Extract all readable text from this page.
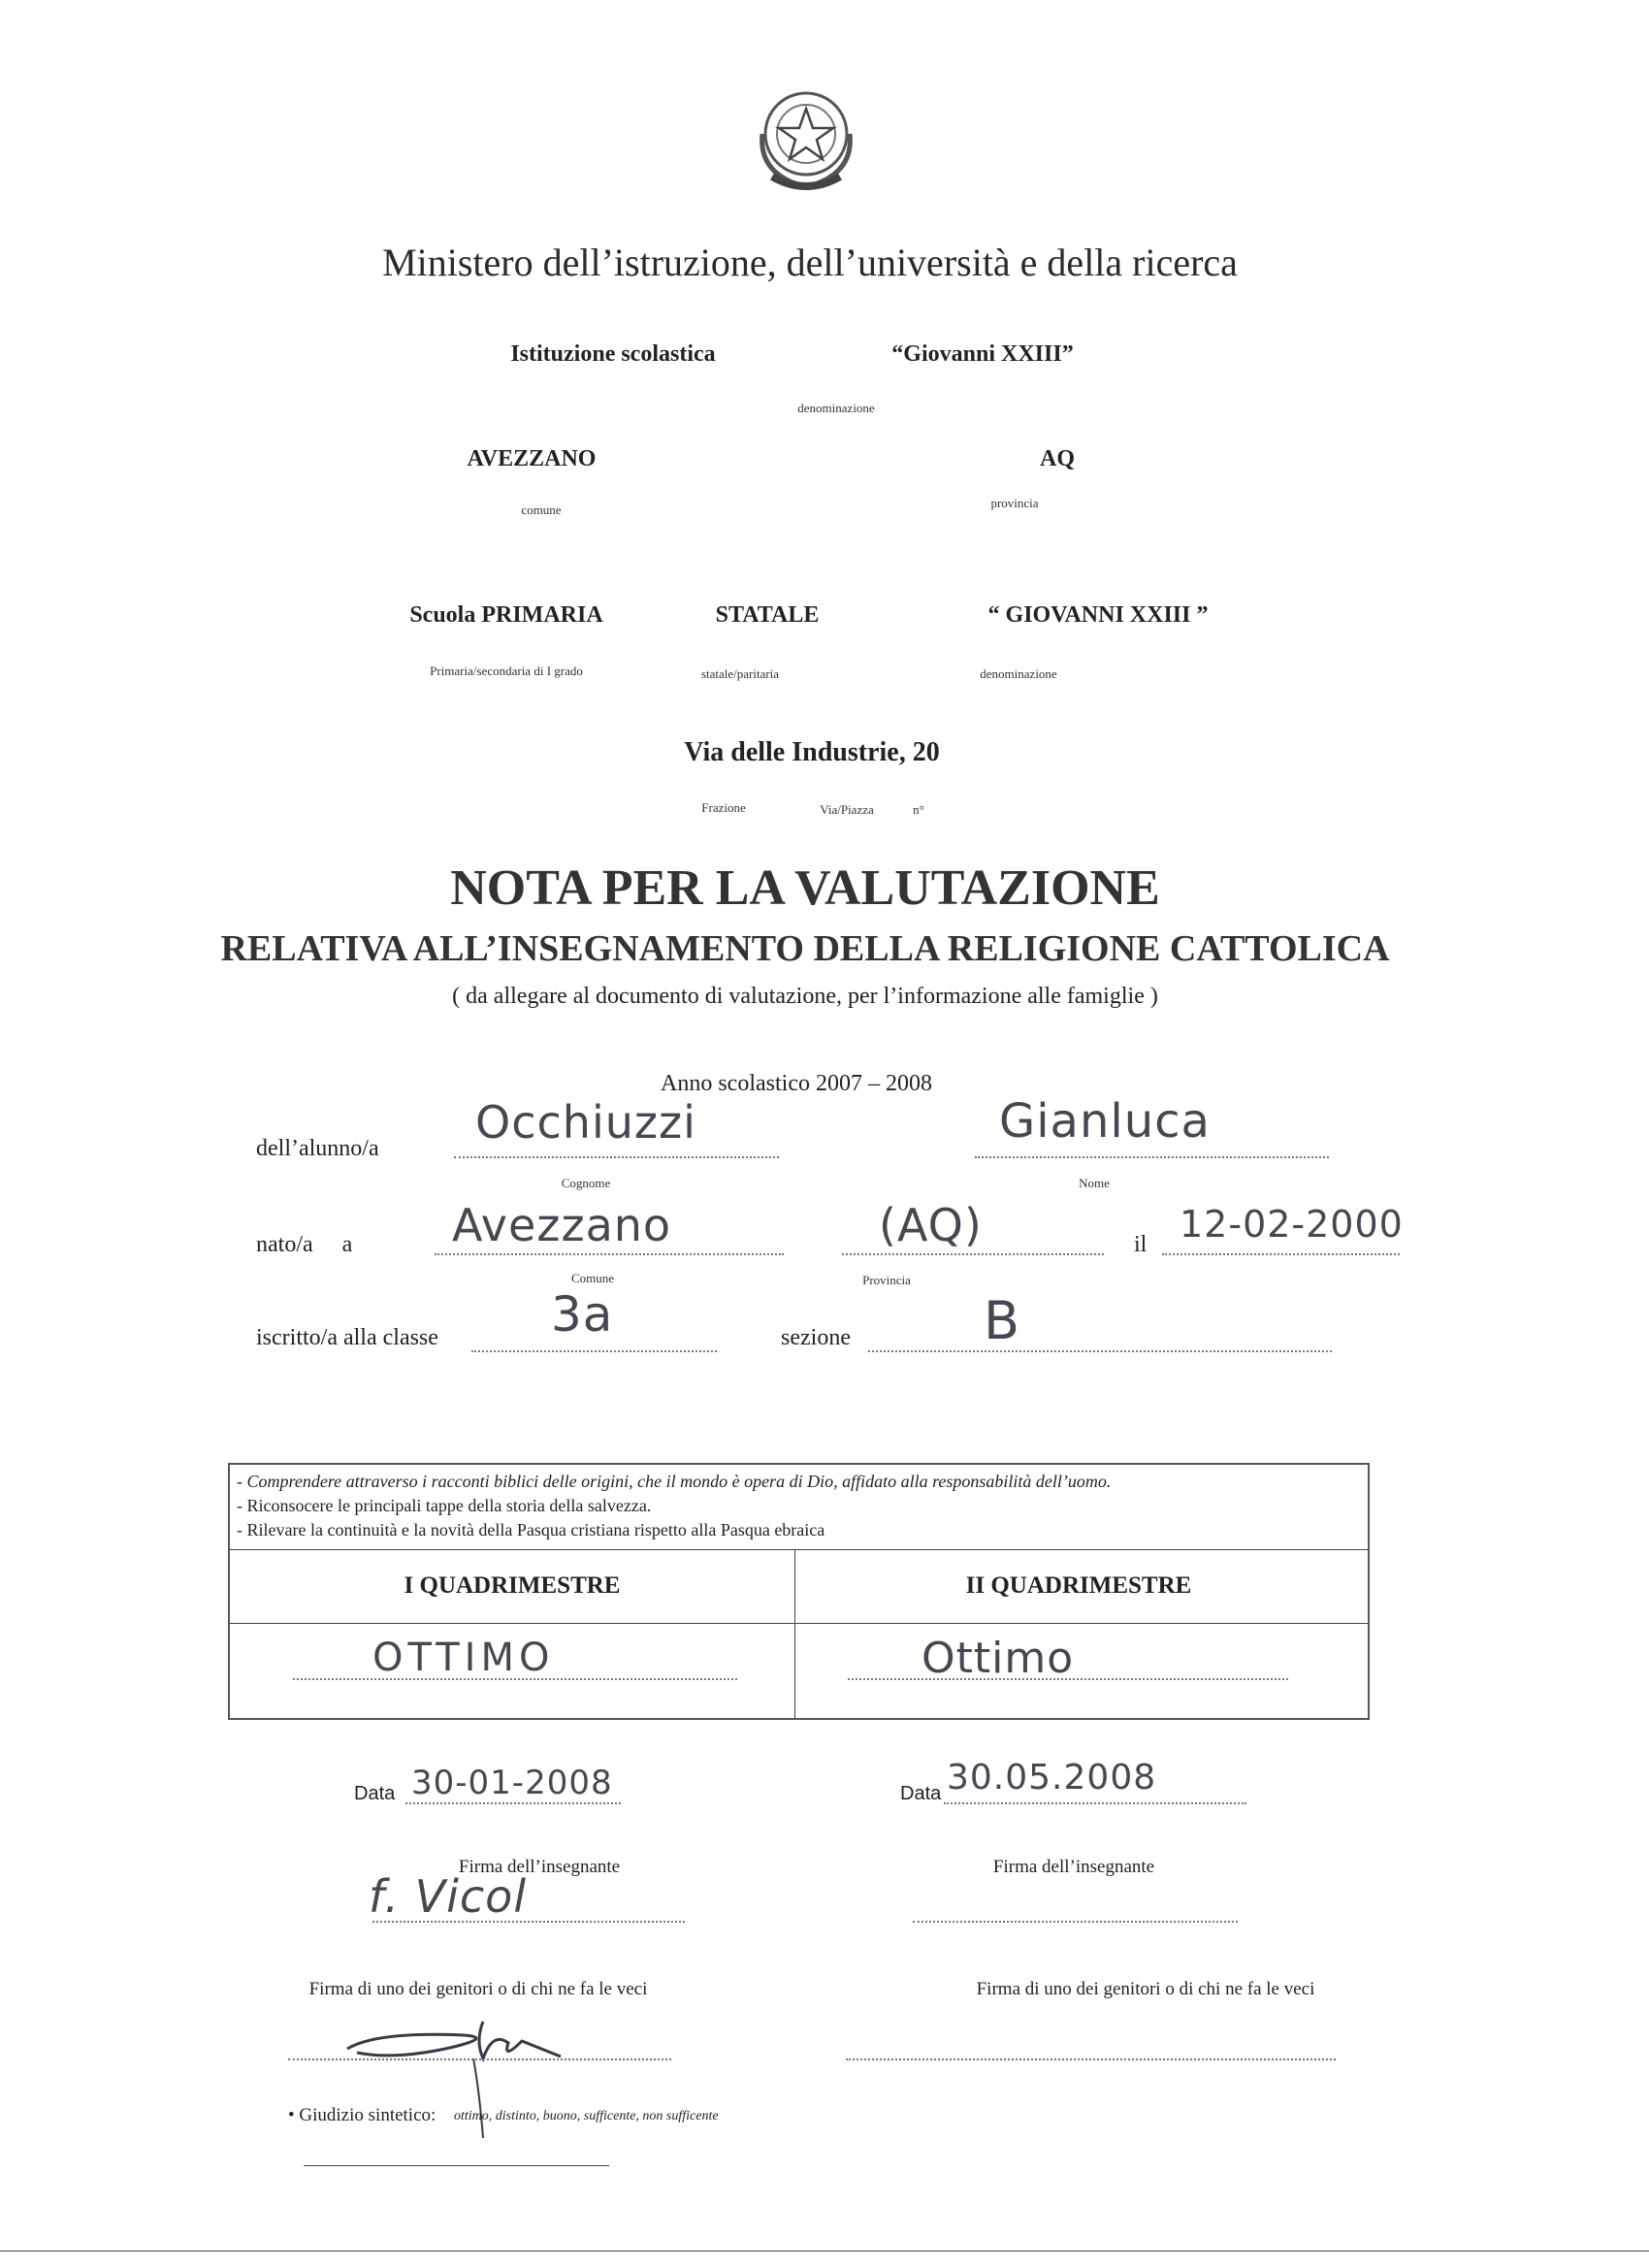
Ministero dell’istruzione, dell’università e della ricerca
Istituzione scolastica	“Giovanni XXIII”
denominazione
AVEZZANO	AQ
comune	provincia
Scuola PRIMARIA	STATALE	“ GIOVANNI XXIII ”
Primaria/secondaria di I grado	statale/paritaria	denominazione
Via delle Industrie, 20
Frazione	Via/Piazza	n°
NOTA PER LA VALUTAZIONE
RELATIVA ALL’INSEGNAMENTO DELLA RELIGIONE CATTOLICA
( da allegare al documento di valutazione, per l’informazione alle famiglie )
Anno scolastico 2007 – 2008
dell’alunno/a Occhiuzzi	Gianluca
Cognome	Nome
nato/a     a Avezzano	(AQ)	il 12-02-2000
Comune	Provincia
iscritto/a alla classe 3a	sezione	B
- Comprendere attraverso i racconti biblici delle origini, che il mondo è opera di Dio, affidato alla responsabilità dell’uomo.
- Riconsocere le principali tappe della storia della salvezza.
- Rilevare la continuità e la novità della Pasqua cristiana rispetto alla Pasqua ebraica
I QUADRIMESTRE	II QUADRIMESTRE
OTTIMO	Ottimo
Data 30-01-2008	Data 30.05.2008
Firma dell’insegnante	Firma dell’insegnante
f. Vicol
Firma di uno dei genitori o di chi ne fa le veci	Firma di uno dei genitori o di chi ne fa le veci
• Giudizio sintetico: ottimo, distinto, buono, sufficente, non sufficente
